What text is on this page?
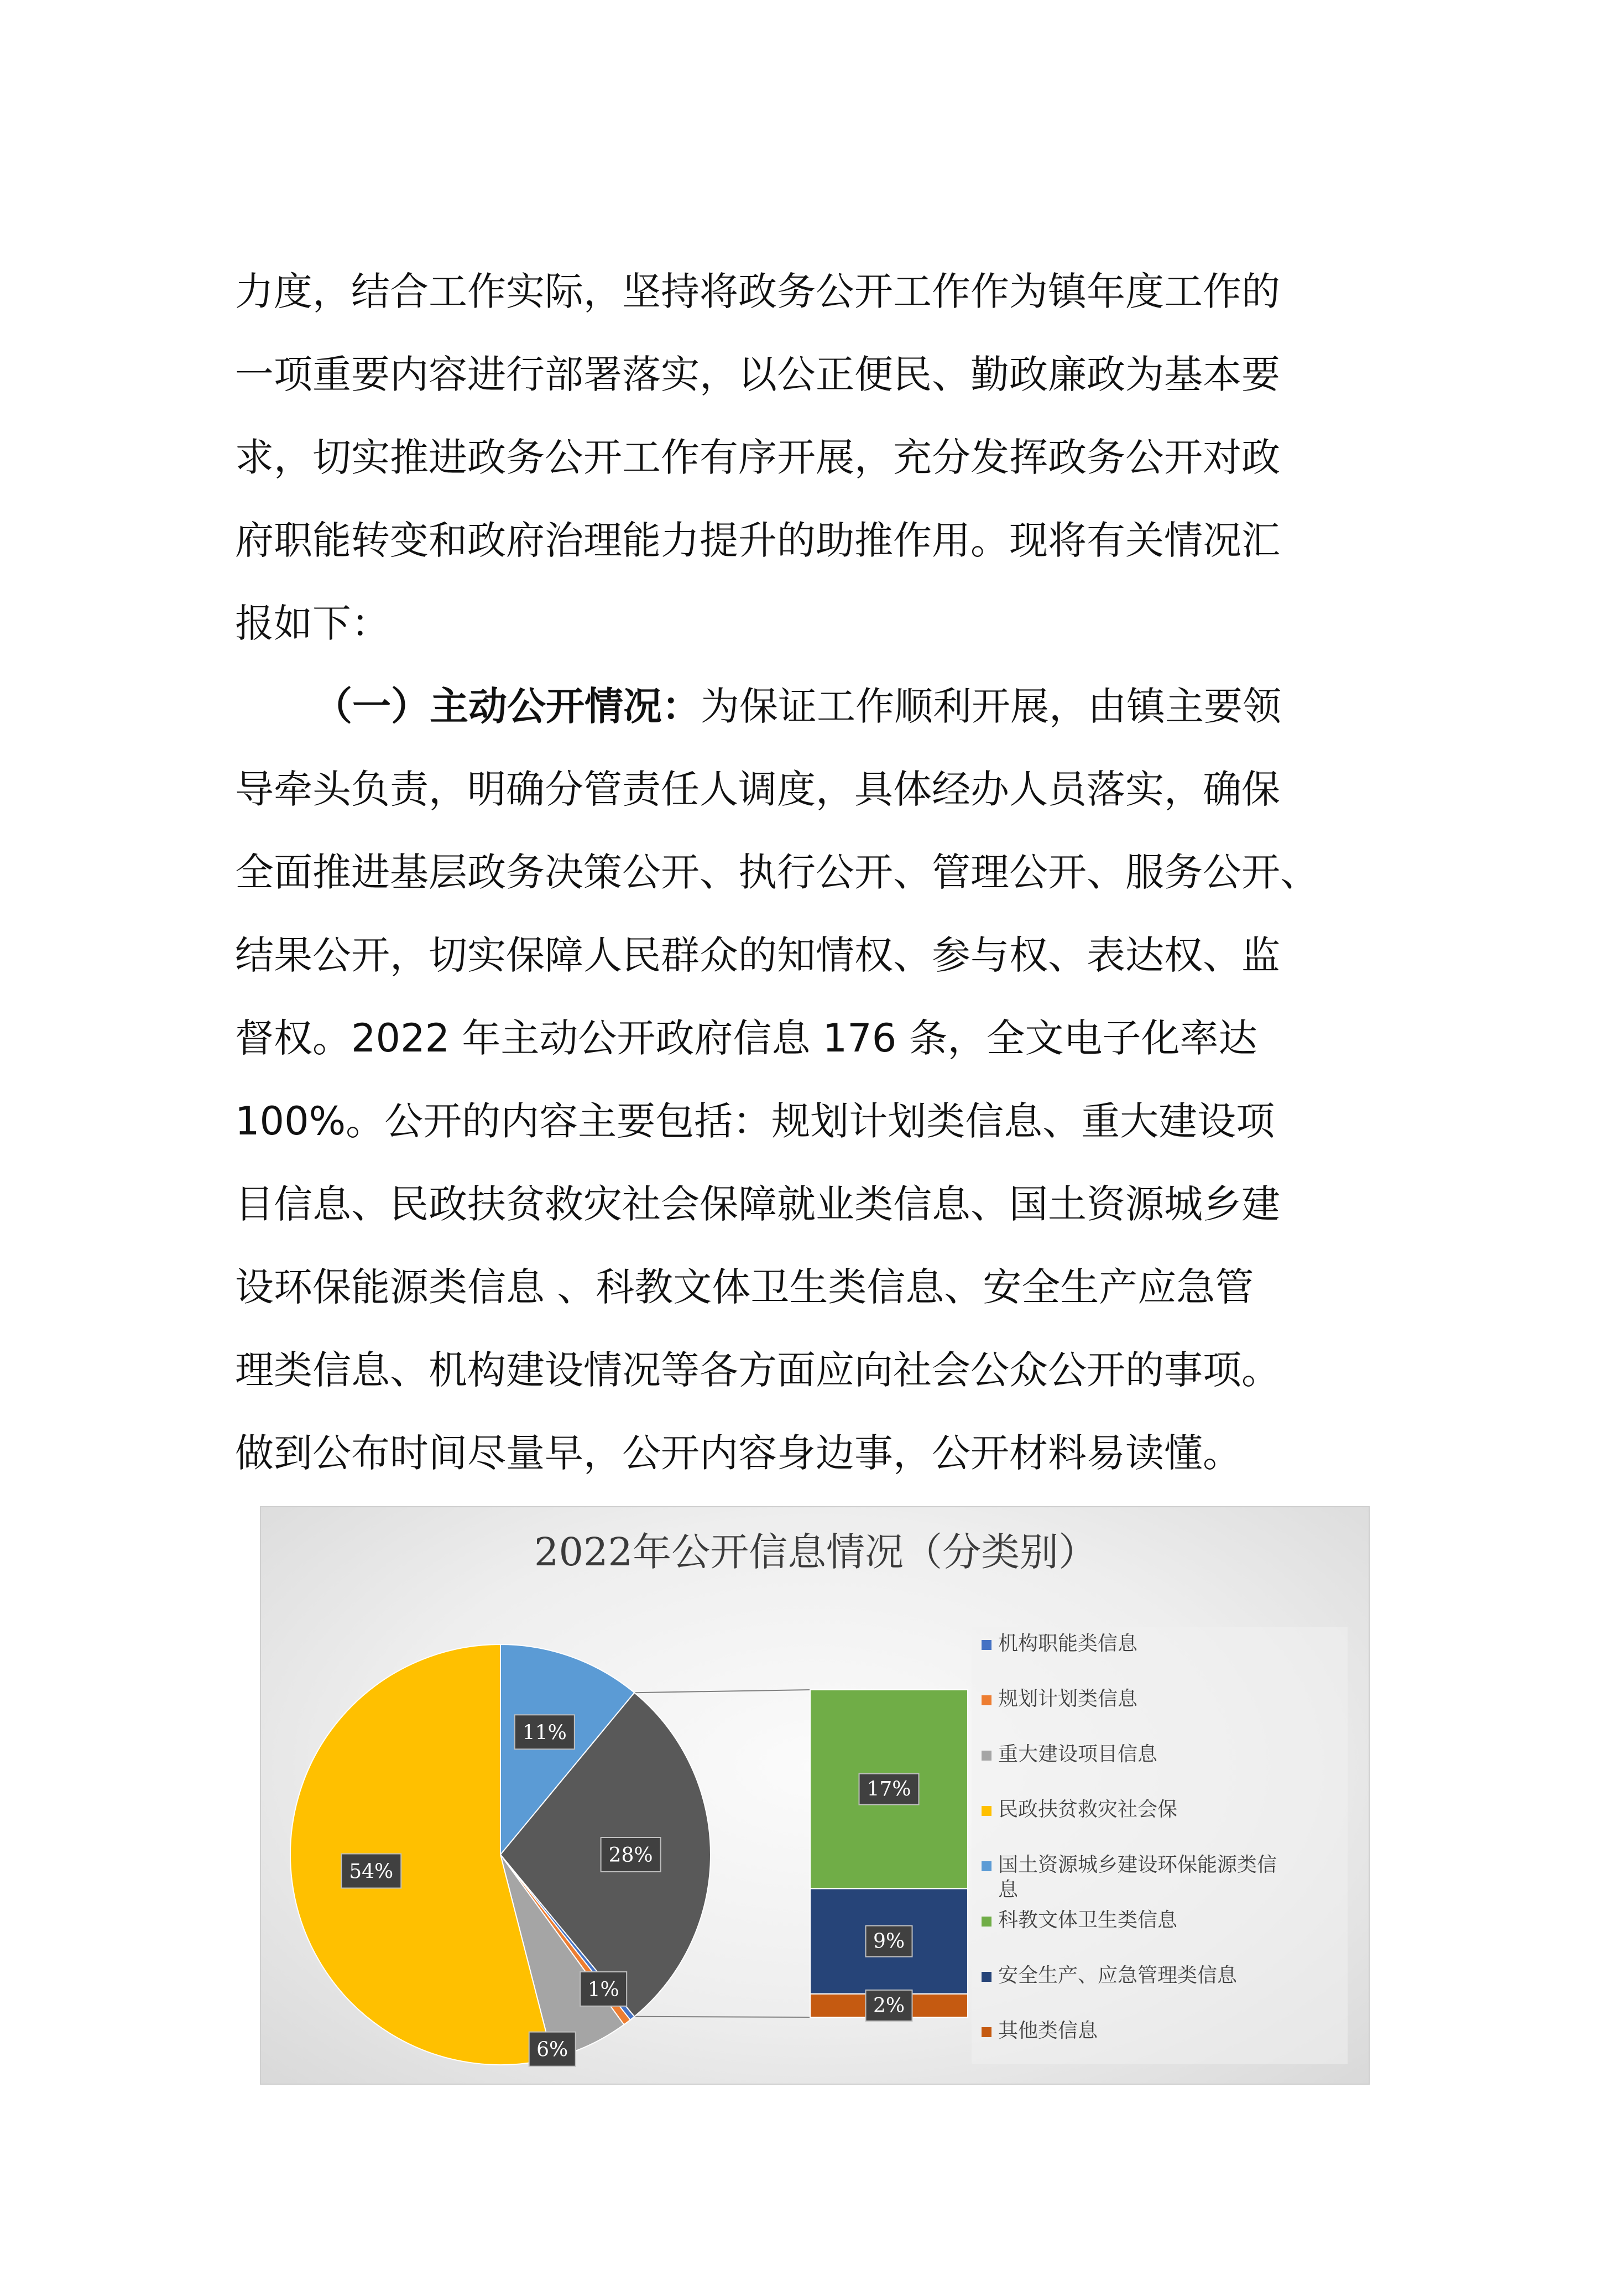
力度，结合工作实际，坚持将政务公开工作作为镇年度工作的
一项重要内容进行部署落实，以公正便民、勤政廉政为基本要
求，切实推进政务公开工作有序开展，充分发挥政务公开对政
府职能转变和政府治理能力提升的助推作用。现将有关情况汇
报如下：
（一）主动公开情况：为保证工作顺利开展，由镇主要领
导牵头负责，明确分管责任人调度，具体经办人员落实，确保
全面推进基层政务决策公开、执行公开、管理公开、服务公开、
结果公开，切实保障人民群众的知情权、参与权、表达权、监
督权。2022 年主动公开政府信息 176 条，全文电子化率达
100%。公开的内容主要包括：规划计划类信息、重大建设项
目信息、民政扶贫救灾社会保障就业类信息、国土资源城乡建
设环保能源类信息 、科教文体卫生类信息、安全生产应急管
理类信息、机构建设情况等各方面应向社会公众公开的事项。
做到公布时间尽量早，公开内容身边事，公开材料易读懂。
2022年公开信息情况（分类别）
11%
28%
1%
6%
54%
2%
9%
17%
机构职能类信息
规划计划类信息
重大建设项目信息
民政扶贫救灾社会保
国土资源城乡建设环保能源类信
息
科教文体卫生类信息
安全生产、应急管理类信息
其他类信息
